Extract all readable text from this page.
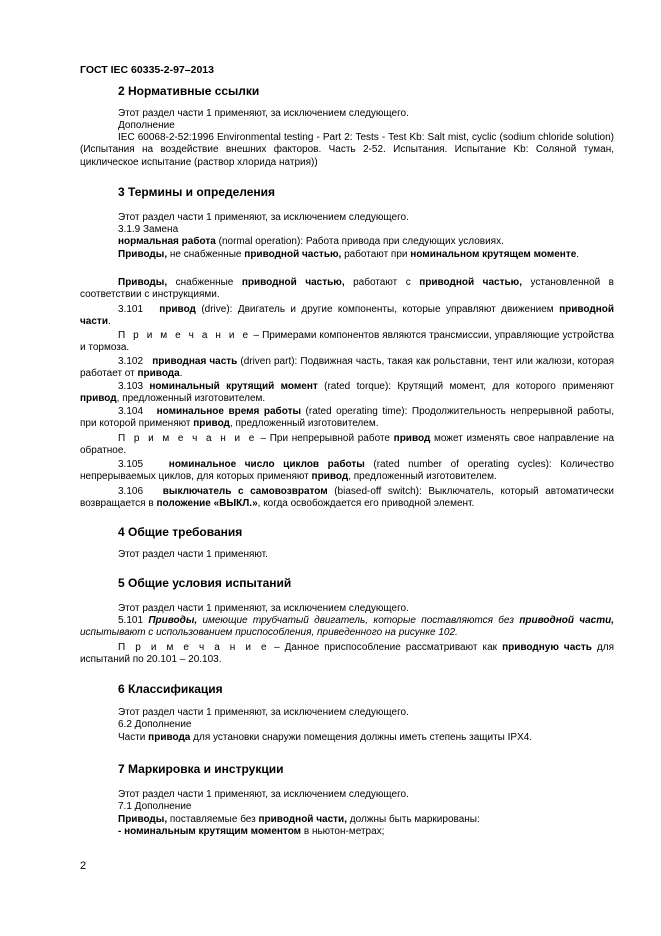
ГОСТ IEC 60335-2-97–2013
2 Нормативные ссылки

Этот раздел части 1 применяют, за исключением следующего.

Дополнение

IEC 60068-2-52:1996 Environmental testing - Part 2: Tests - Test Kb: Salt mist, cyclic (sodium chloride solution) (Испытания на воздействие внешних факторов. Часть 2-52. Испытания. Испытание Kb: Соляной туман, циклическое испытание (раствор хлорида натрия))

3 Термины и определения

Этот раздел части 1 применяют, за исключением следующего.

3.1.9 Замена

нормальная работа (normal operation): Работа привода при следующих условиях.

Приводы, не снабженные приводной частью, работают при номинальном крутящем моменте.

Приводы, снабженные приводной частью, работают с приводной частью, установленной в соответствии с инструкциями.

3.101 привод (drive): Двигатель и другие компоненты, которые управляют движением приводной части.

П р и м е ч а н и е – Примерами компонентов являются трансмиссии, управляющие устройства и тормоза.

3.102 приводная часть (driven part): Подвижная часть, такая как рольставни, тент или жалюзи, которая работает от привода.

3.103 номинальный крутящий момент (rated torque): Крутящий момент, для которого применяют привод, предложенный изготовителем.

3.104 номинальное время работы (rated operating time): Продолжительность непрерывной работы, при которой применяют привод, предложенный изготовителем.

П р и м е ч а н и е – При непрерывной работе привод может изменять свое направление на обратное.

3.105	номинальное число циклов работы (rated number of operating cycles): Количество непрерываемых циклов, для которых применяют привод, предложенный изготовителем.

3.106 выключатель с самовозвратом (biased-off switch): Выключатель, который автоматически возвращается в положение «ВЫКЛ.», когда освобождается его приводной элемент.

4 Общие требования

Этот раздел части 1 применяют.

5 Общие условия испытаний

Этот раздел части 1 применяют, за исключением следующего.

5.101 Приводы, имеющие трубчатый двигатель, которые поставляются без приводной части, испытывают с использованием приспособления, приведенного на рисунке 102.

П р и м е ч а н и е – Данное приспособление рассматривают как приводную часть для испытаний по 20.101 – 20.103.

6 Классификация

Этот раздел части 1 применяют, за исключением следующего.

6.2 Дополнение

Части привода для установки снаружи помещения должны иметь степень защиты IPX4.

7 Маркировка и инструкции

Этот раздел части 1 применяют, за исключением следующего.

7.1 Дополнение

Приводы, поставляемые без приводной части, должны быть маркированы:

- номинальным крутящим моментом в ньютон-метрах;

2
